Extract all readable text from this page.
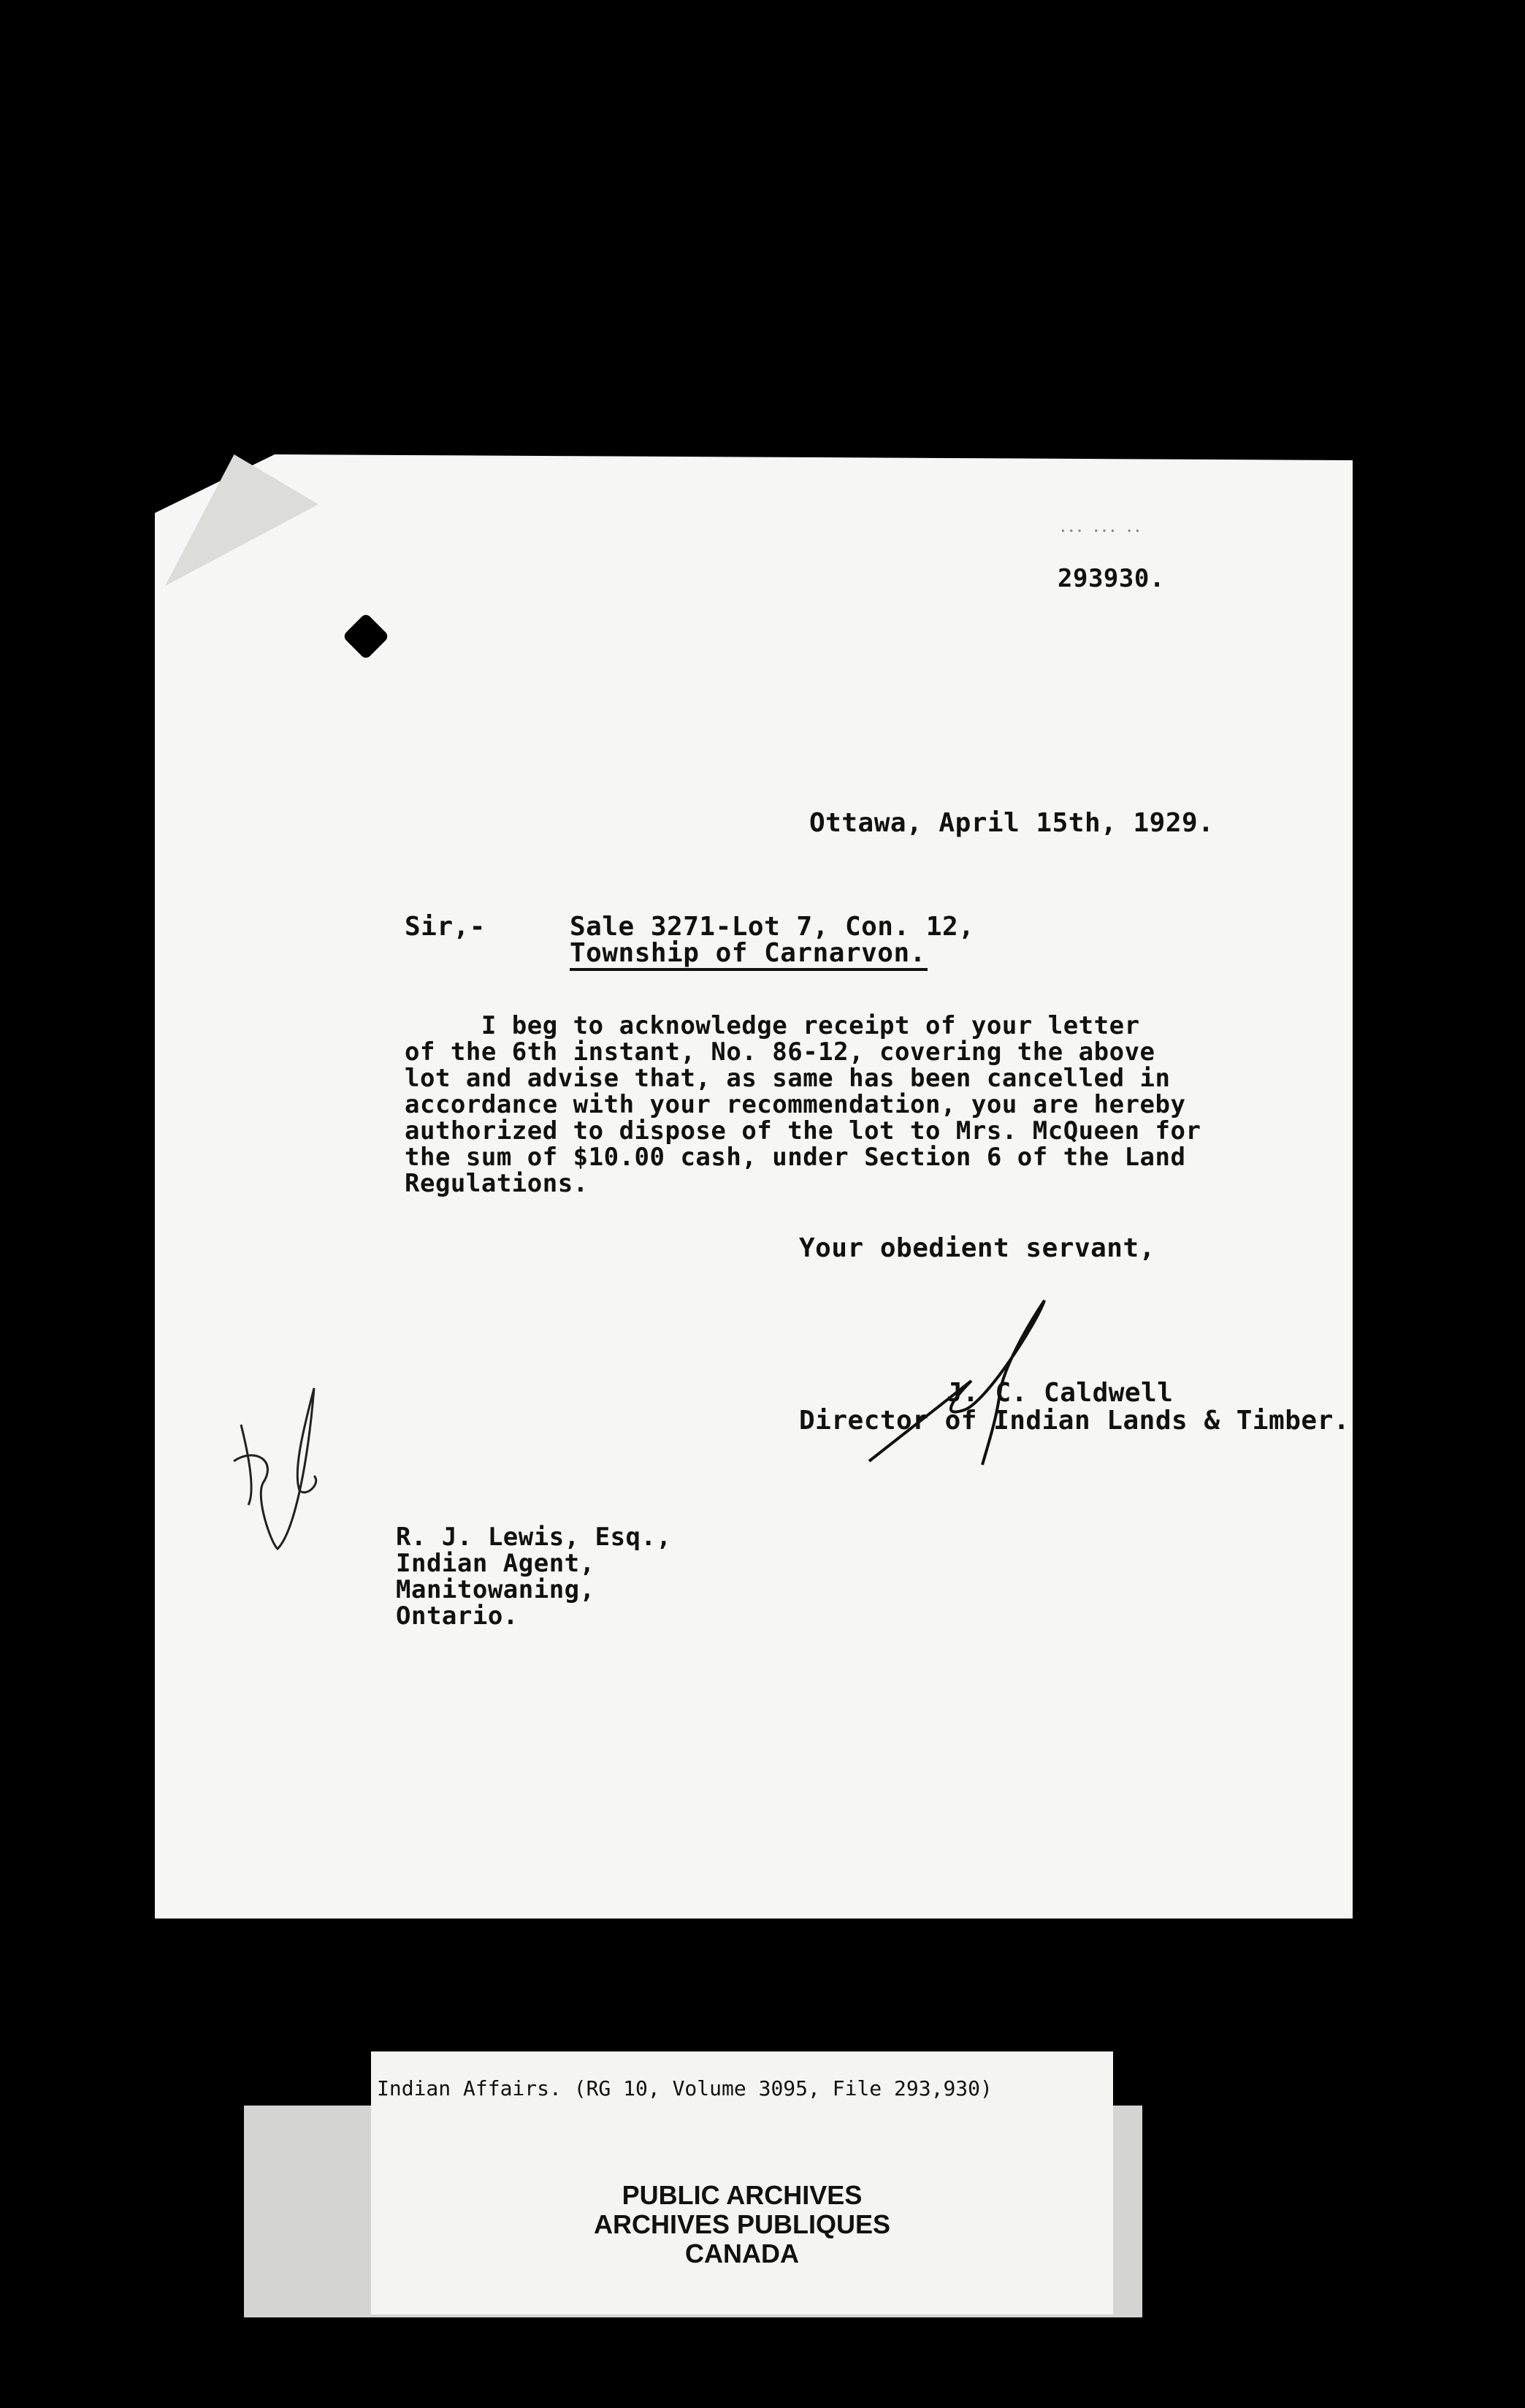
... ... ..
293930.
Ottawa, April 15th, 1929.
Sir,-	Sale 3271-Lot 7, Con. 12,
Township of Carnarvon.
I beg to acknowledge receipt of your letter
of the 6th instant, No. 86-12, covering the above
lot and advise that, as same has been cancelled in
accordance with your recommendation, you are hereby
authorized to dispose of the lot to Mrs. McQueen for
the sum of $10.00 cash, under Section 6 of the Land
Regulations.
Your obedient servant,
J. C. Caldwell
Director of Indian Lands & Timber.
R. J. Lewis, Esq.,
Indian Agent,
Manitowaning,
Ontario.
Indian Affairs. (RG 10, Volume 3095, File 293,930)
PUBLIC ARCHIVES
ARCHIVES PUBLIQUES
CANADA
